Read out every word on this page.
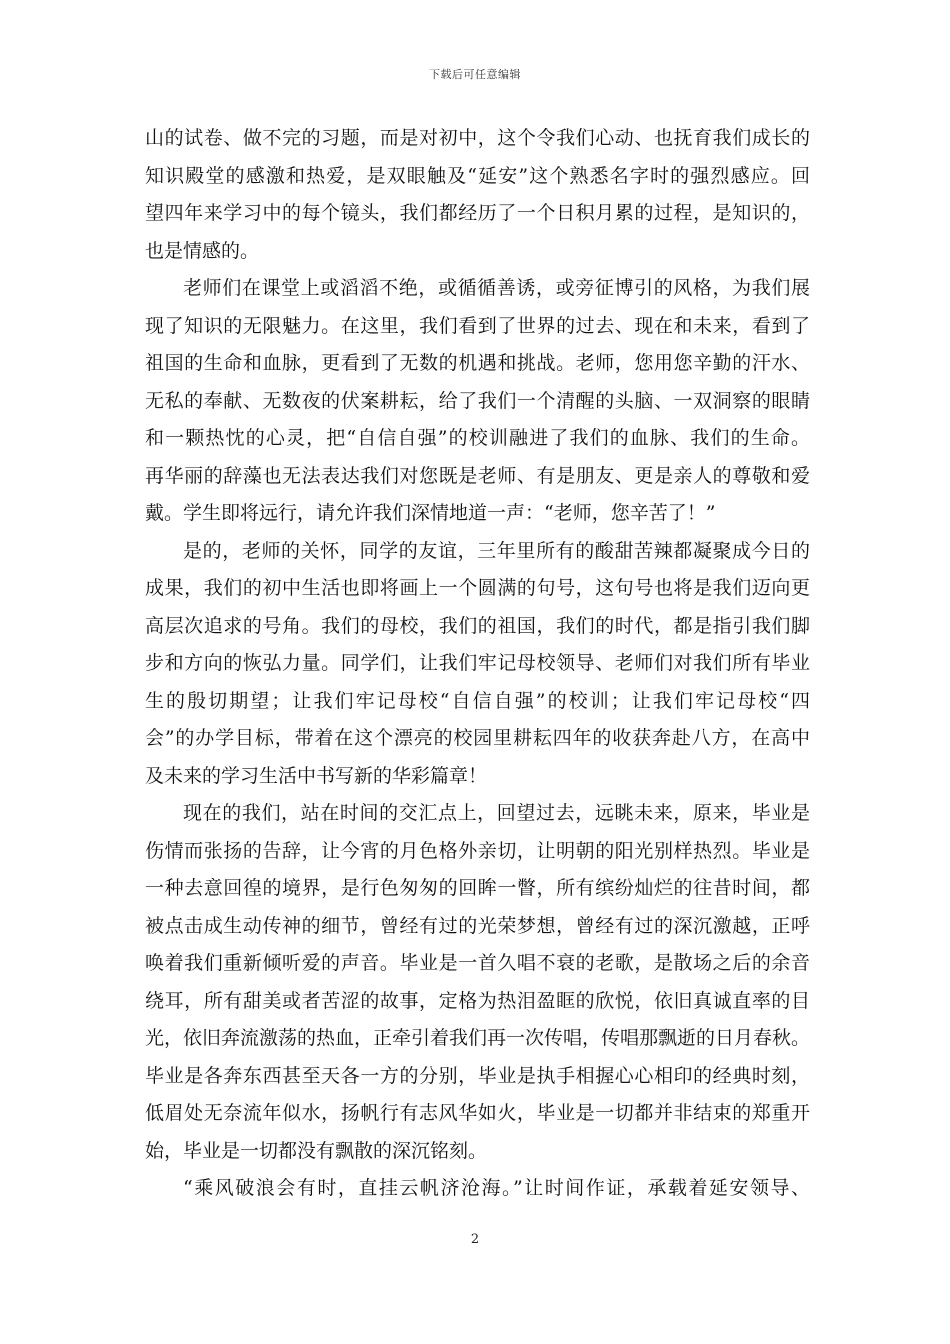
下载后可任意编辑
山的试卷、做不完的习题，而是对初中，这个令我们心动、也抚育我们成长的
知识殿堂的感激和热爱，是双眼触及“延安”这个熟悉名字时的强烈感应。回
望四年来学习中的每个镜头，我们都经历了一个日积月累的过程，是知识的，
也是情感的。
老师们在课堂上或滔滔不绝，或循循善诱，或旁征博引的风格，为我们展
现了知识的无限魅力。在这里，我们看到了世界的过去、现在和未来，看到了
祖国的生命和血脉，更看到了无数的机遇和挑战。老师，您用您辛勤的汗水、
无私的奉献、无数夜的伏案耕耘，给了我们一个清醒的头脑、一双洞察的眼睛
和一颗热忱的心灵，把“自信自强”的校训融进了我们的血脉、我们的生命。
再华丽的辞藻也无法表达我们对您既是老师、有是朋友、更是亲人的尊敬和爱
戴。学生即将远行，请允许我们深情地道一声：“老师，您辛苦了！”
是的，老师的关怀，同学的友谊，三年里所有的酸甜苦辣都凝聚成今日的
成果，我们的初中生活也即将画上一个圆满的句号，这句号也将是我们迈向更
高层次追求的号角。我们的母校，我们的祖国，我们的时代，都是指引我们脚
步和方向的恢弘力量。同学们，让我们牢记母校领导、老师们对我们所有毕业
生的殷切期望；让我们牢记母校“自信自强”的校训；让我们牢记母校“四
会”的办学目标，带着在这个漂亮的校园里耕耘四年的收获奔赴八方，在高中
及未来的学习生活中书写新的华彩篇章！
现在的我们，站在时间的交汇点上，回望过去，远眺未来，原来，毕业是
伤情而张扬的告辞，让今宵的月色格外亲切，让明朝的阳光别样热烈。毕业是
一种去意回徨的境界，是行色匆匆的回眸一瞥，所有缤纷灿烂的往昔时间，都
被点击成生动传神的细节，曾经有过的光荣梦想，曾经有过的深沉激越，正呼
唤着我们重新倾听爱的声音。毕业是一首久唱不衰的老歌，是散场之后的余音
绕耳，所有甜美或者苦涩的故事，定格为热泪盈眶的欣悦，依旧真诚直率的目
光，依旧奔流激荡的热血，正牵引着我们再一次传唱，传唱那飘逝的日月春秋。
毕业是各奔东西甚至天各一方的分别，毕业是执手相握心心相印的经典时刻，
低眉处无奈流年似水，扬帆行有志风华如火，毕业是一切都并非结束的郑重开
始，毕业是一切都没有飘散的深沉铭刻。
“乘风破浪会有时，直挂云帆济沧海。”让时间作证，承载着延安领导、
2
